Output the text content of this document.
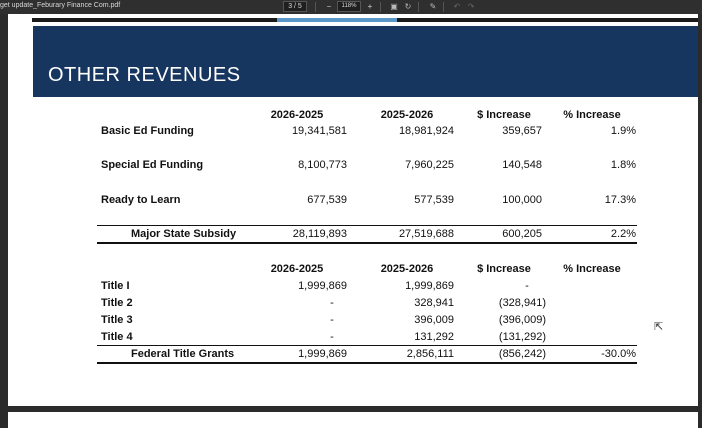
get update_Feburary Finance Com.pdf	3 / 5	−	118%	+ ▣ ↻ ✎ ↶ ↷
OTHER REVENUES
2026-2025	2025-2026	$ Increase	% Increase
Basic Ed Funding	19,341,581	18,981,924	359,657	1.9%
Special Ed Funding	8,100,773	7,960,225	140,548	1.8%
Ready to Learn	677,539	577,539	100,000	17.3%
Major State Subsidy	28,119,893	27,519,688	600,205	2.2%
2026-2025	2025-2026	$ Increase	% Increase
Title I	1,999,869	1,999,869	-
Title 2	-	328,941	(328,941)
Title 3	-	396,009	(396,009)
Title 4	-	131,292	(131,292)
Federal Title Grants	1,999,869	2,856,111	(856,242)	-30.0%
⇱
